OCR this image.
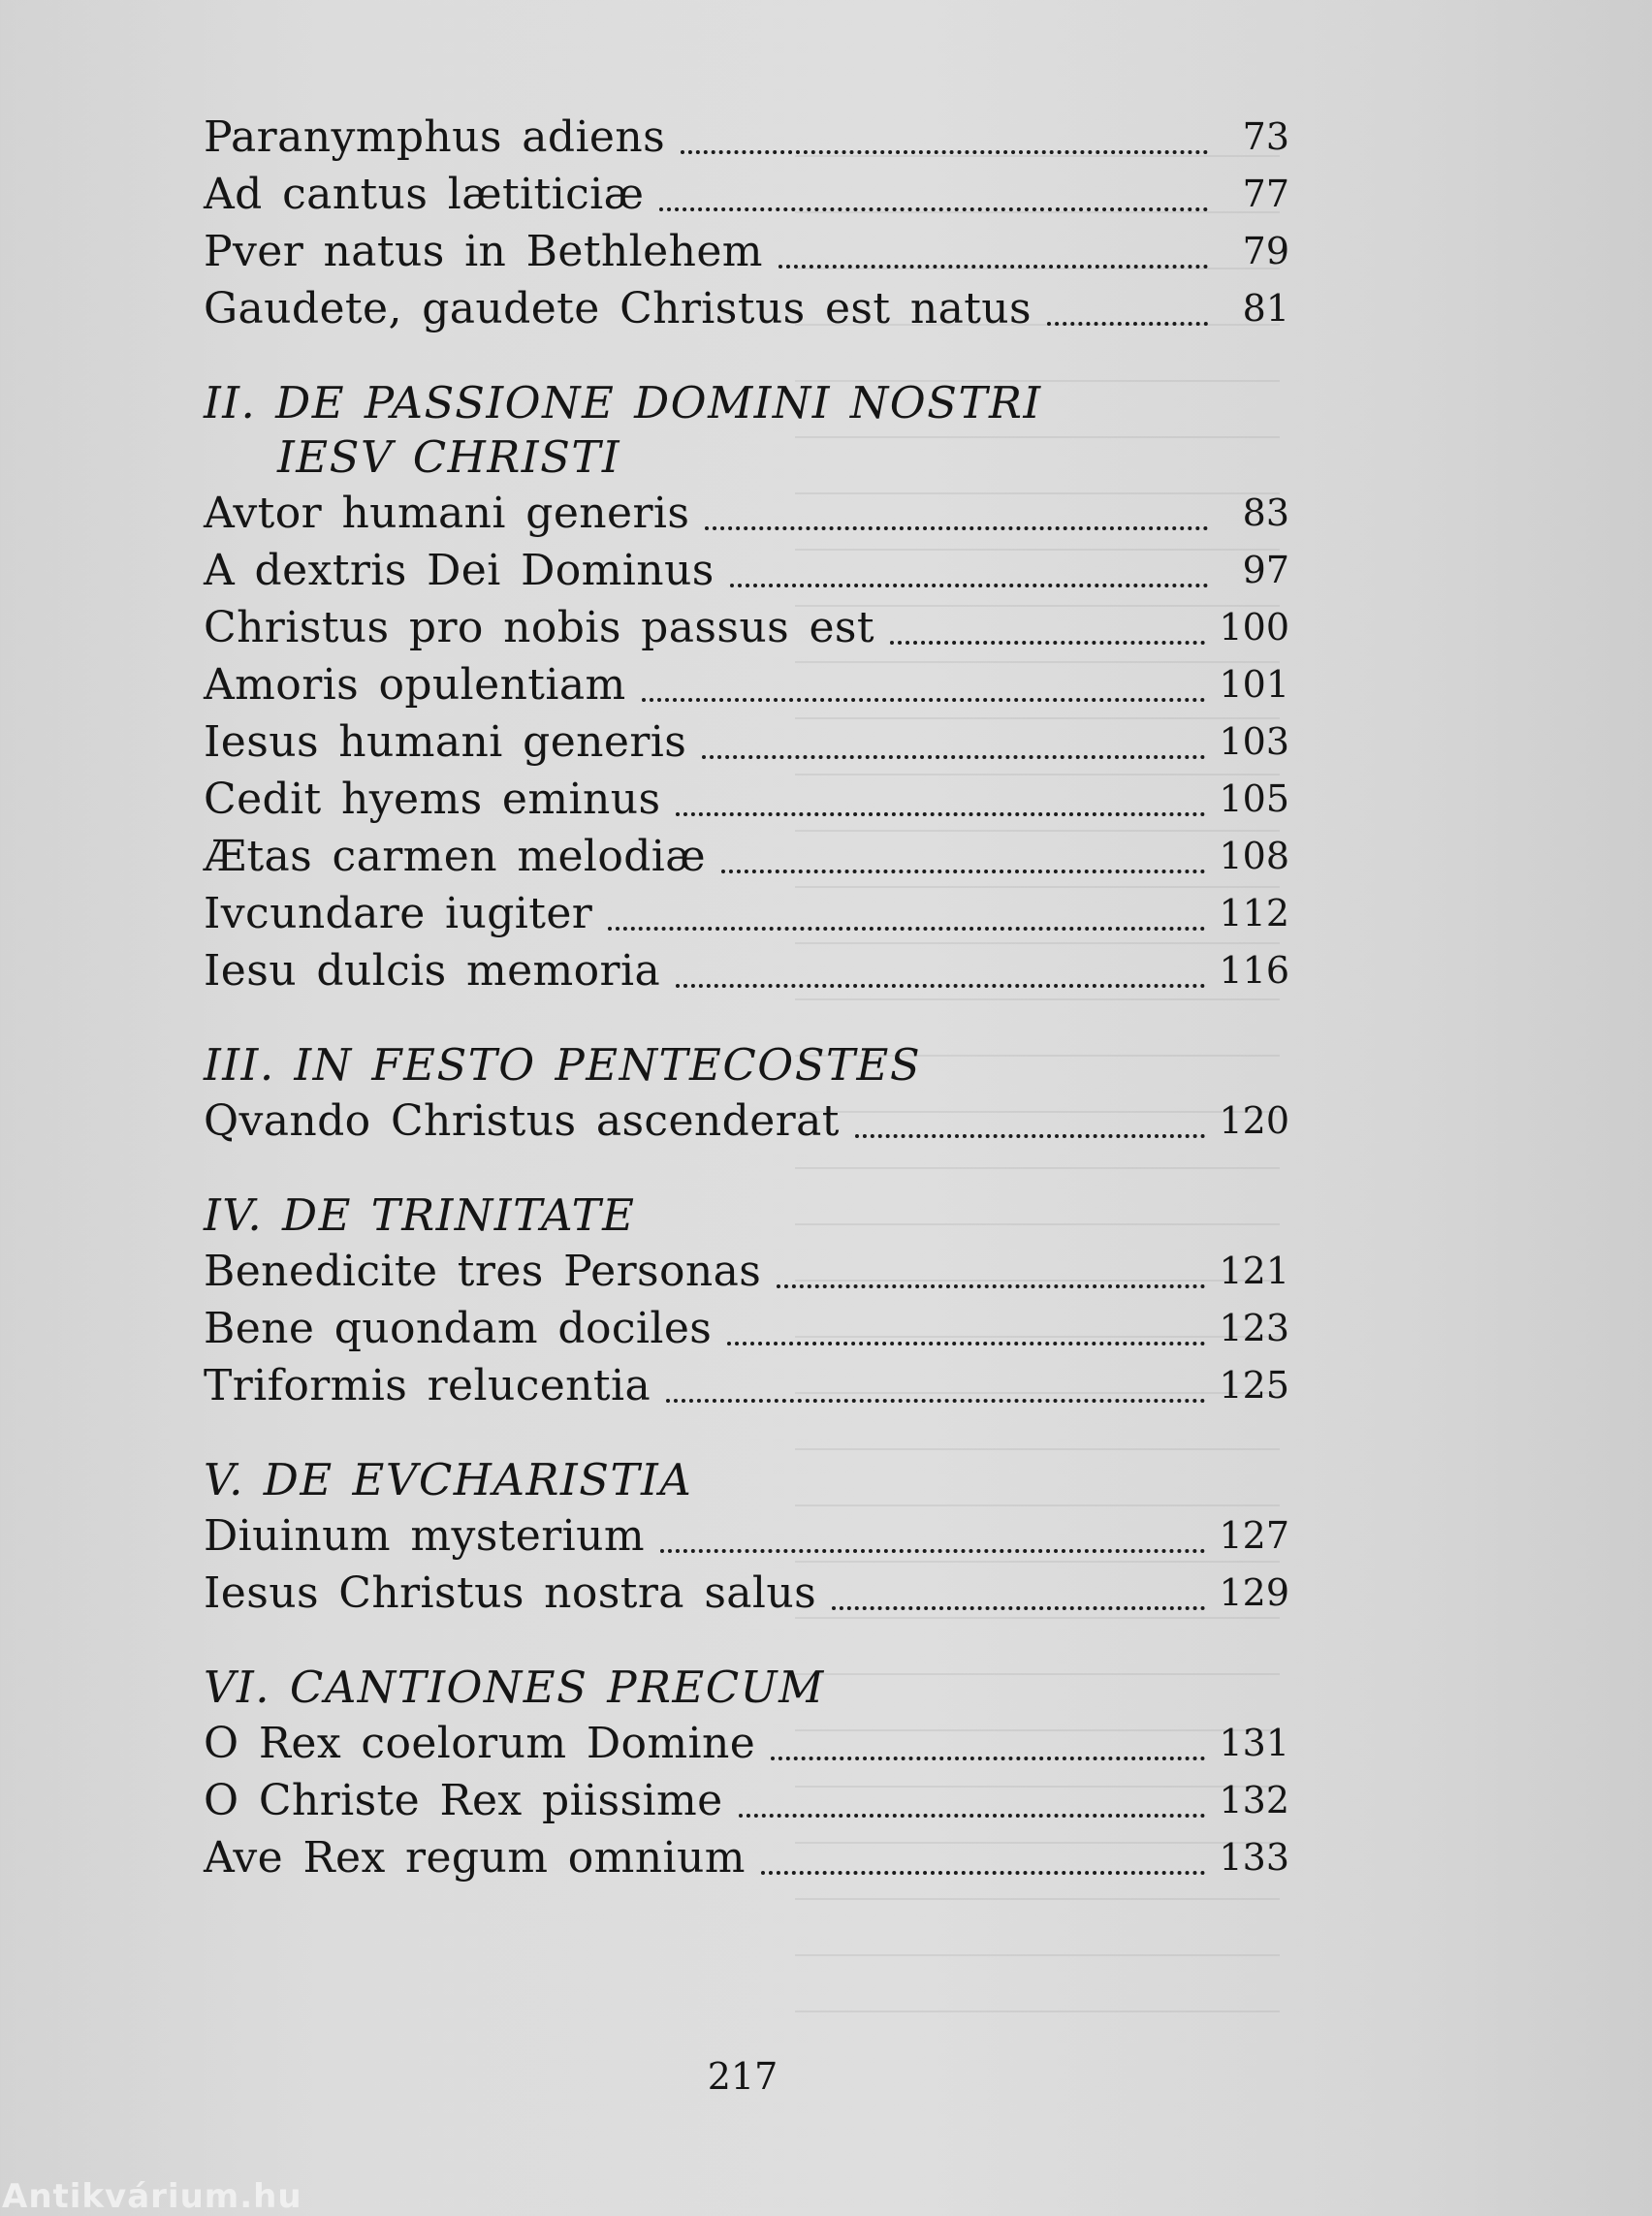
Paranymphus adiens	73
Ad cantus lætiticiæ	77
Pver natus in Bethlehem	79
Gaudete, gaudete Christus est natus	81
II. DE PASSIONE DOMINI NOSTRI
IESV CHRISTI
Avtor humani generis	83
A dextris Dei Dominus	97
Christus pro nobis passus est	100
Amoris opulentiam	101
Iesus humani generis	103
Cedit hyems eminus	105
Ætas carmen melodiæ	108
Ivcundare iugiter	112
Iesu dulcis memoria	116
III. IN FESTO PENTECOSTES
Qvando Christus ascenderat	120
IV. DE TRINITATE
Benedicite tres Personas	121
Bene quondam dociles	123
Triformis relucentia	125
V. DE EVCHARISTIA
Diuinum mysterium	127
Iesus Christus nostra salus	129
VI. CANTIONES PRECUM
O Rex coelorum Domine	131
O Christe Rex piissime	132
Ave Rex regum omnium	133
217
Antikvárium.hu
